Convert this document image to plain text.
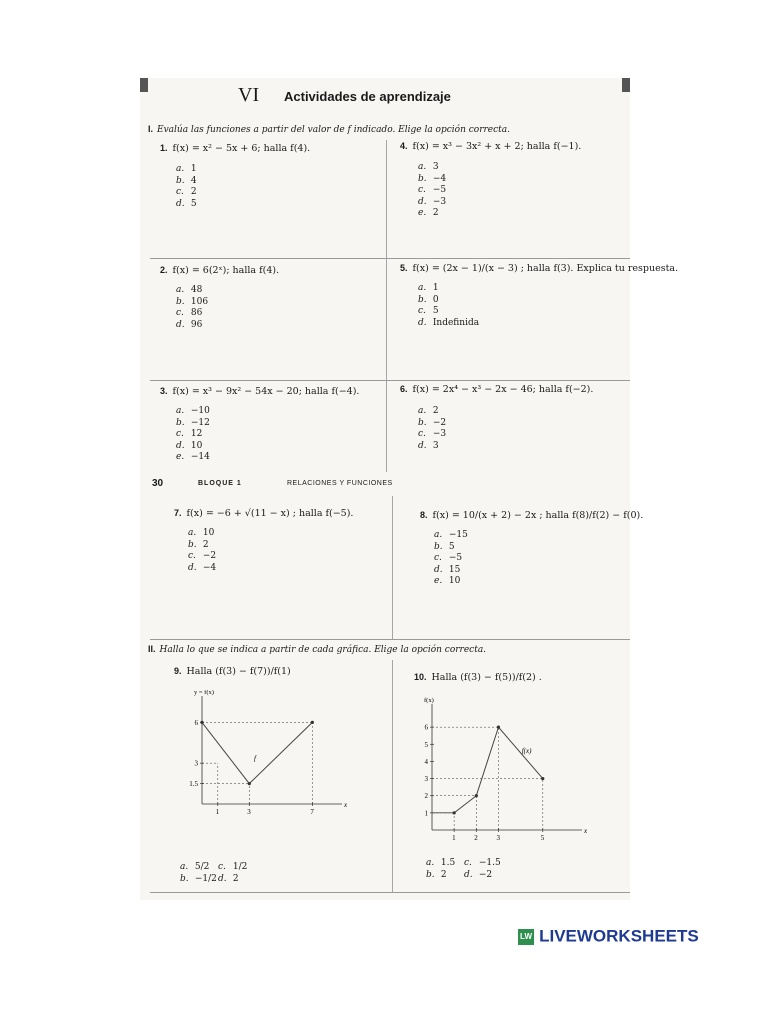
VI Actividades de aprendizaje
I. Evalúa las funciones a partir del valor de f indicado. Elige la opción correcta.
1. f(x) = x² − 5x + 6; halla f(4).
a. 1
b. 4
c. 2
d. 5
4. f(x) = x³ − 3x² + x + 2; halla f(−1).
a. 3
b. −4
c. −5
d. −3
e. 2
2. f(x) = 6(2ˣ); halla f(4).
a. 48
b. 106
c. 86
d. 96
5. f(x) = (2x − 1)/(x − 3) ; halla f(3). Explica tu respuesta.
a. 1
b. 0
c. 5
d. Indefinida
3. f(x) = x³ − 9x² − 54x − 20; halla f(−4).
a. −10
b. −12
c. 12
d. 10
e. −14
6. f(x) = 2x⁴ − x³ − 2x − 46; halla f(−2).
a. 2
b. −2
c. −3
d. 3
30	BLOQUE 1	RELACIONES Y FUNCIONES
7. f(x) = −6 + √(11 − x) ; halla f(−5).
a. 10
b. 2
c. −2
d. −4
8. f(x) = 10/(x + 2) − 2x ; halla f(8)/f(2) − f(0).
a. −15
b. 5
c. −5
d. 15
e. 10
II. Halla lo que se indica a partir de cada gráfica. Elige la opción correcta.
9. Halla (f(3) − f(7))/f(1)	10. Halla (f(3) − f(5))/f(2) .
x
y = f(x)
1	3	7
1.5
3
6
f
x
f(x)
1	2	3	5
1
2
3
4
5
6
f(x)
a. 5/2 c. 1/2
b. −1/2 d. 2
a. 1.5 c. −1.5
b. 2	d. −2
LW LIVEWORKSHEETS
